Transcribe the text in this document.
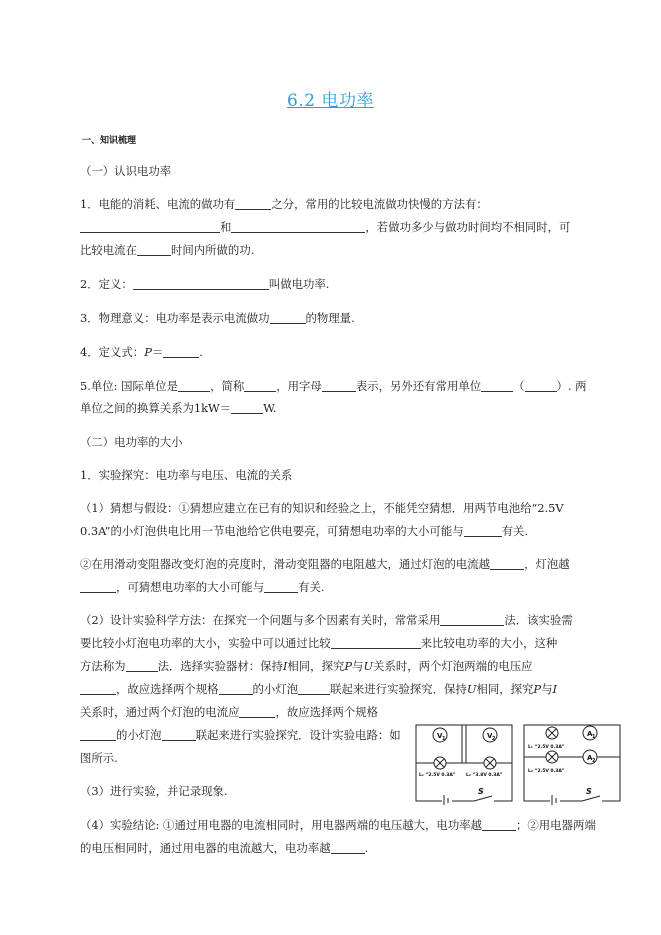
6.2 电功率
一、知识梳理
（一）认识电功率
1．电能的消耗、电流的做功有	之分，常用的比较电流做功快慢的方法有：
和	，若做功多少与做功时间均不相同时，可
比较电流在	时间内所做的功.
2．定义：	叫做电功率.
3．物理意义：电功率是表示电流做功	的物理量.
4．定义式：P＝	.
5.单位: 国际单位是	，简称	，用字母	表示，另外还有常用单位	（	）. 两
单位之间的换算关系为1kW＝	W.
（二）电功率的大小
1．实验探究：电功率与电压、电流的关系
（1）猜想与假设：①猜想应建立在已有的知识和经验之上，不能凭空猜想．用两节电池给“2.5V
0.3A”的小灯泡供电比用一节电池给它供电要亮，可猜想电功率的大小可能与	有关.
②在用滑动变阻器改变灯泡的亮度时，滑动变阻器的电阻越大，通过灯泡的电流越	，灯泡越
，可猜想电功率的大小可能与	有关.
（2）设计实验科学方法：在探究一个问题与多个因素有关时，常常采用	法．该实验需
要比较小灯泡电功率的大小，实验中可以通过比较	来比较电功率的大小，这种
方法称为	法．选择实验器材：保持I相同，探究P与U关系时，两个灯泡两端的电压应
，故应选择两个规格	的小灯泡	联起来进行实验探究．保持U相同，探究P与I
关系时，通过两个灯泡的电流应	，故应选择两个规格
的小灯泡	联起来进行实验探究．设计实验电路：如
图所示.
（3）进行实验，并记录现象.
（4）实验结论: ①通过用电器的电流相同时，用电器两端的电压越大，电功率越	；②用电器两端
的电压相同时，通过用电器的电流越大，电功率越	.
V 1	V 2
L₁ “2.5V 0.3A” L₂ “3.8V 0.3A”
S
A 1
A 2
L₁ “2.5V 0.3A”
L₂ “2.5V 0.3A”
S
